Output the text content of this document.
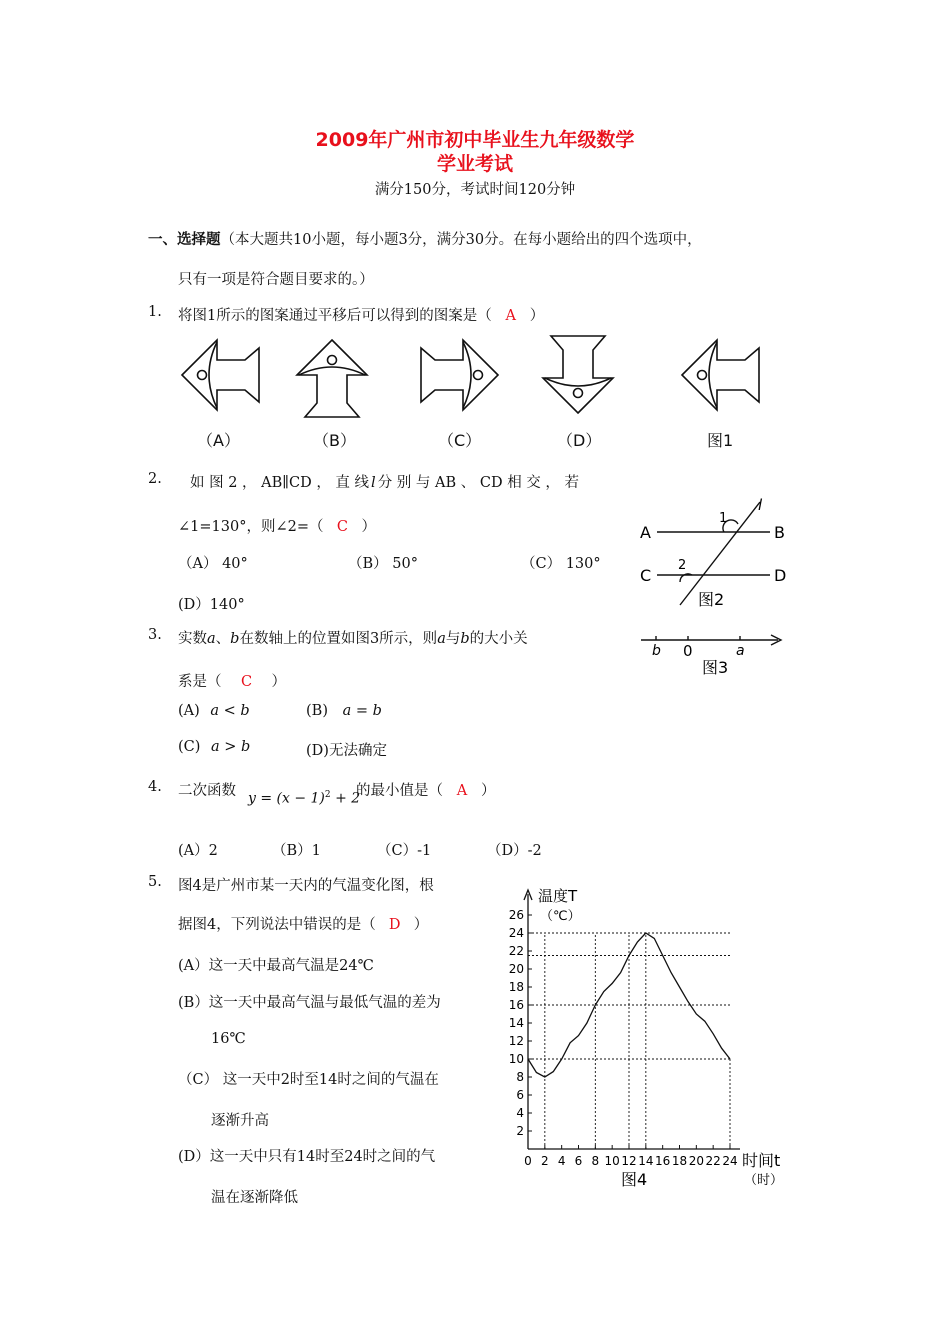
2009年广州市初中毕业生九年级数学
学业考试
满分150分，考试时间120分钟
一、选择题（本大题共10小题，每小题3分，满分30分。在每小题给出的四个选项中，
只有一项是符合题目要求的。）
1. 将图1所示的图案通过平移后可以得到的图案是（ A ）
（A）	（B）	（C）	（D）	图1
2. 如 图 2 ， AB∥CD ， 直 线 l 分 别 与 AB 、 CD 相 交 ， 若
∠1=130°，则∠2=（ C ）
（A） 40°	（B） 50°	（C） 130°
(D）140°
A	B
C	D
l
1
2
图2
3. 实数a、b在数轴上的位置如图3所示，则a与b的大小关
系是（ C ）
(A) a < b	(B) a = b
(C) a > b	(D)无法确定
b 0	a
图3
4. 二次函数 $y = (x - 1)^2 + 2$
的最小值是（ A ）
(A）2	（B）1	（C）-1	（D）-2
5. 图4是广州市某一天内的气温变化图，根
据图4，下列说法中错误的是（ D ）
(A）这一天中最高气温是24℃
(B）这一天中最高气温与最低气温的差为
16℃
（C） 这一天中2时至14时之间的气温在
逐渐升高
(D）这一天中只有14时至24时之间的气
温在逐渐降低
2
4
6
8
10
12
14
16
18
20
22
24
26
0 2 4 6 8 10 12 14 16 18 20 22 24
温度T
（℃）
时间t
（时）
图4
